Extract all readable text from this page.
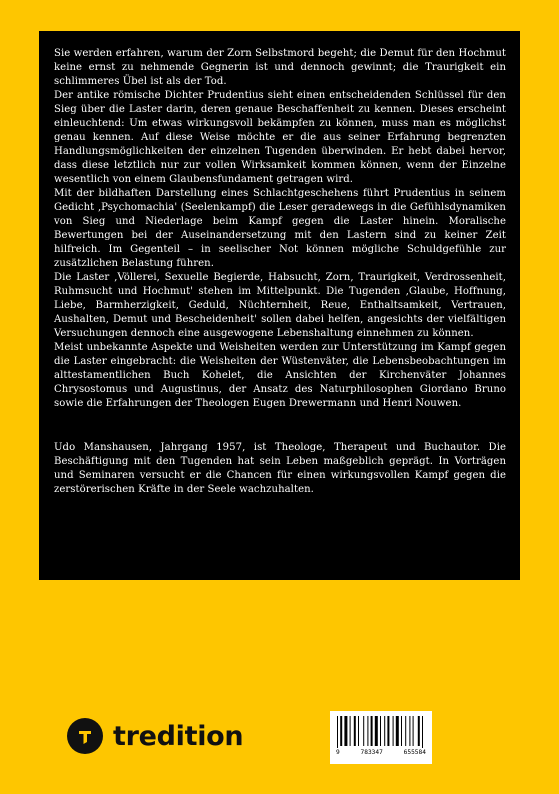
Sie werden erfahren, warum der Zorn Selbstmord begeht; die Demut für den Hochmut keine ernst zu nehmende Gegnerin ist und dennoch gewinnt; die Traurigkeit ein schlimmeres Übel ist als der Tod.

Der antike römische Dichter Prudentius sieht einen entscheidenden Schlüssel für den Sieg über die Laster darin, deren genaue Beschaffenheit zu kennen. Dieses erscheint einleuchtend: Um etwas wirkungsvoll bekämpfen zu können, muss man es möglichst genau kennen. Auf diese Weise möchte er die aus seiner Erfahrung begrenzten Handlungsmöglichkeiten der einzelnen Tugenden überwinden. Er hebt dabei hervor, dass diese letztlich nur zur vollen Wirksamkeit kommen können, wenn der Einzelne wesentlich von einem Glaubensfundament getragen wird.

Mit der bildhaften Darstellung eines Schlachtgeschehens führt Prudentius in seinem Gedicht ‚Psychomachia' (Seelenkampf) die Leser geradewegs in die Gefühlsdynamiken von Sieg und Niederlage beim Kampf gegen die Laster hinein. Moralische Bewertungen bei der Auseinandersetzung mit den Lastern sind zu keiner Zeit hilfreich. Im Gegenteil – in seelischer Not können mögliche Schuldgefühle zur zusätzlichen Belastung führen.

Die Laster ‚Völlerei, Sexuelle Begierde, Habsucht, Zorn, Traurigkeit, Verdrossenheit, Ruhmsucht und Hochmut' stehen im Mittelpunkt. Die Tugenden ‚Glaube, Hoffnung, Liebe, Barmherzigkeit, Geduld, Nüchternheit, Reue, Enthaltsamkeit, Vertrauen, Aushalten, Demut und Bescheidenheit' sollen dabei helfen, angesichts der vielfältigen Versuchungen dennoch eine ausgewogene Lebenshaltung einnehmen zu können.

Meist unbekannte Aspekte und Weisheiten werden zur Unterstützung im Kampf gegen die Laster eingebracht: die Weisheiten der Wüstenväter, die Lebensbeobachtungen im alttestamentlichen Buch Kohelet, die Ansichten der Kirchenväter Johannes Chrysostomus und Augustinus, der Ansatz des Naturphilosophen Giordano Bruno sowie die Erfahrungen der Theologen Eugen Drewermann und Henri Nouwen.

Udo Manshausen, Jahrgang 1957, ist Theologe, Therapeut und Buchautor. Die Beschäftigung mit den Tugenden hat sein Leben maßgeblich geprägt. In Vorträgen und Seminaren versucht er die Chancen für einen wirkungsvollen Kampf gegen die zerstörerischen Kräfte in der Seele wachzuhalten.

tredition
9	783347	655584
